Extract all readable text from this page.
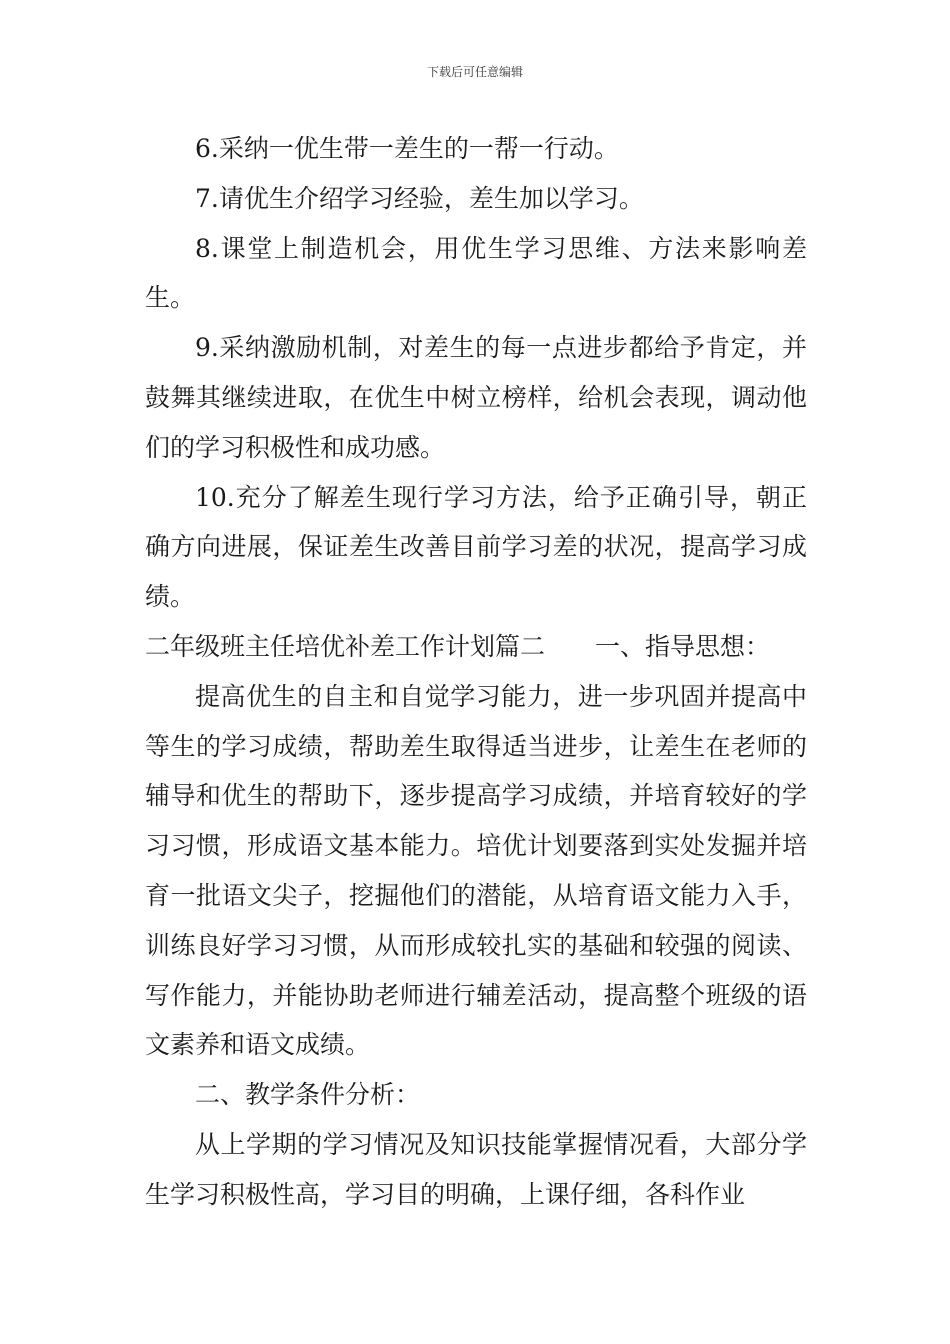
下载后可任意编辑

6.采纳一优生带一差生的一帮一行动。

7.请优生介绍学习经验，差生加以学习。

8.课堂上制造机会，用优生学习思维、方法来影响差生。

9.采纳激励机制，对差生的每一点进步都给予肯定，并鼓舞其继续进取，在优生中树立榜样，给机会表现，调动他们的学习积极性和成功感。

10.充分了解差生现行学习方法，给予正确引导，朝正确方向进展，保证差生改善目前学习差的状况，提高学习成绩。

二年级班主任培优补差工作计划篇二 一、指导思想：

提高优生的自主和自觉学习能力，进一步巩固并提高中等生的学习成绩，帮助差生取得适当进步，让差生在老师的辅导和优生的帮助下，逐步提高学习成绩，并培育较好的学习习惯，形成语文基本能力。培优计划要落到实处发掘并培育一批语文尖子，挖掘他们的潜能，从培育语文能力入手，训练良好学习习惯，从而形成较扎实的基础和较强的阅读、写作能力，并能协助老师进行辅差活动，提高整个班级的语文素养和语文成绩。

二、教学条件分析：

从上学期的学习情况及知识技能掌握情况看，大部分学生学习积极性高，学习目的明确，上课仔细，各科作业
